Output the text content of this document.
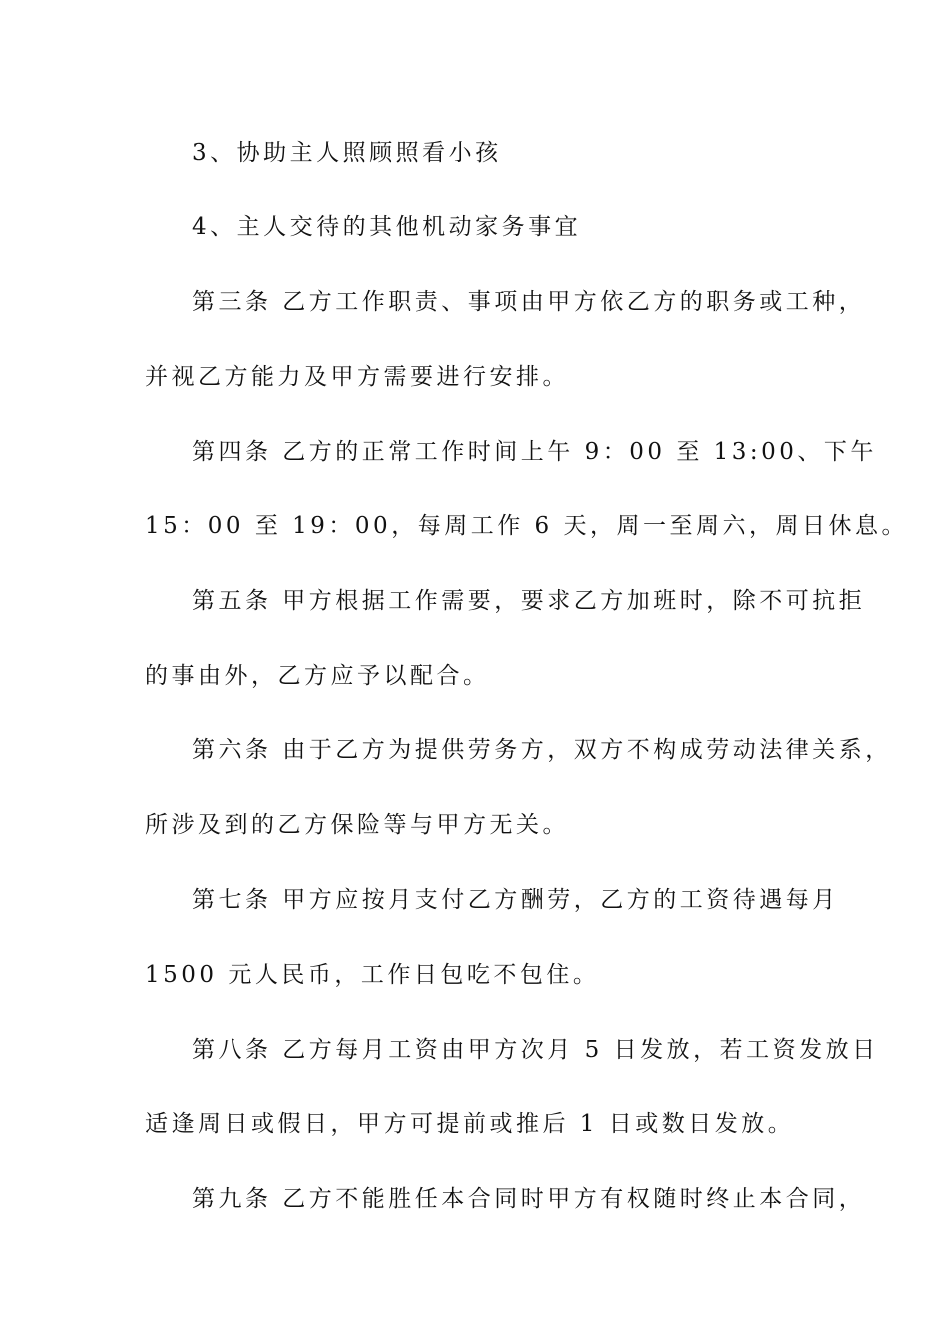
3、协助主人照顾照看小孩
4、主人交待的其他机动家务事宜
第三条 乙方工作职责、事项由甲方依乙方的职务或工种，
并视乙方能力及甲方需要进行安排。
第四条 乙方的正常工作时间上午 9：00 至 13:00、下午
15：00 至 19：00，每周工作 6 天，周一至周六，周日休息。
第五条 甲方根据工作需要，要求乙方加班时，除不可抗拒
的事由外，乙方应予以配合。
第六条 由于乙方为提供劳务方，双方不构成劳动法律关系，
所涉及到的乙方保险等与甲方无关。
第七条 甲方应按月支付乙方酬劳，乙方的工资待遇每月
1500 元人民币，工作日包吃不包住。
第八条 乙方每月工资由甲方次月 5 日发放，若工资发放日
适逢周日或假日，甲方可提前或推后 1 日或数日发放。
第九条 乙方不能胜任本合同时甲方有权随时终止本合同，
